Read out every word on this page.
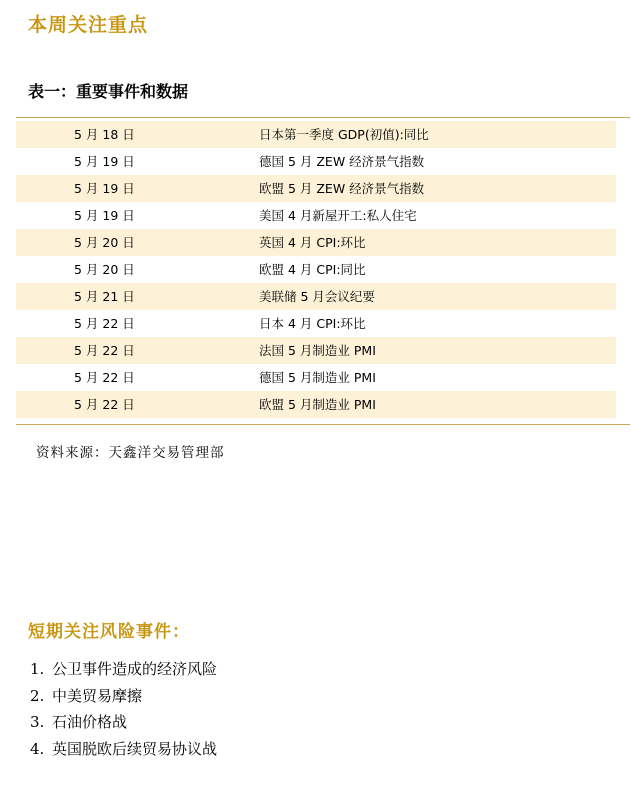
本周关注重点
表一：重要事件和数据
5 月 18 日	日本第一季度 GDP(初值):同比
5 月 19 日	德国 5 月 ZEW 经济景气指数
5 月 19 日	欧盟 5 月 ZEW 经济景气指数
5 月 19 日	美国 4 月新屋开工:私人住宅
5 月 20 日	英国 4 月 CPI:环比
5 月 20 日	欧盟 4 月 CPI:同比
5 月 21 日	美联储 5 月会议纪要
5 月 22 日	日本 4 月 CPI:环比
5 月 22 日	法国 5 月制造业 PMI
5 月 22 日	德国 5 月制造业 PMI
5 月 22 日	欧盟 5 月制造业 PMI
资料来源：天鑫洋交易管理部
短期关注风险事件：
1. 公卫事件造成的经济风险
2. 中美贸易摩擦
3. 石油价格战
4. 英国脱欧后续贸易协议战
